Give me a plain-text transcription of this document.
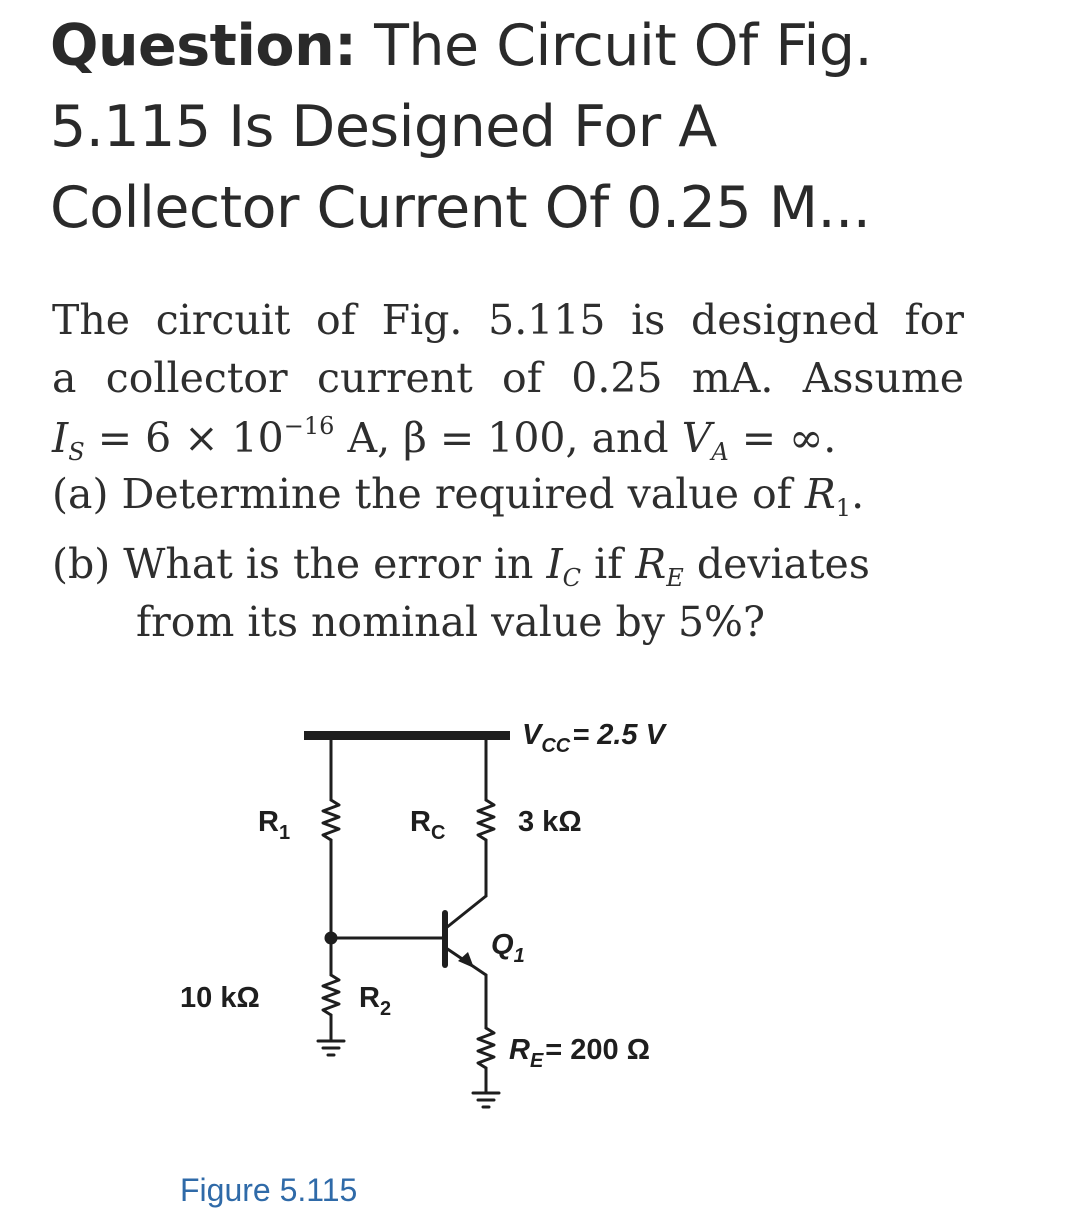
Question: The Circuit Of Fig.
5.115 Is Designed For A
Collector Current Of 0.25 M...
The circuit of Fig. 5.115 is designed for
a collector current of 0.25 mA. Assume
$I_S = 6 \times 10^{-16}$ A, β = 100, and $V_A$ = ∞.
(a) Determine the required value of $R_1$.
(b) What is the error in $I_C$ if $R_E$ deviates
from its nominal value by 5%?
$V_{CC}= 2.5$ V
$R_1$	$R_C$	3 kΩ
$Q_1$
10 kΩ	$R_2$
$R_E= 200$ Ω
Figure 5.115
